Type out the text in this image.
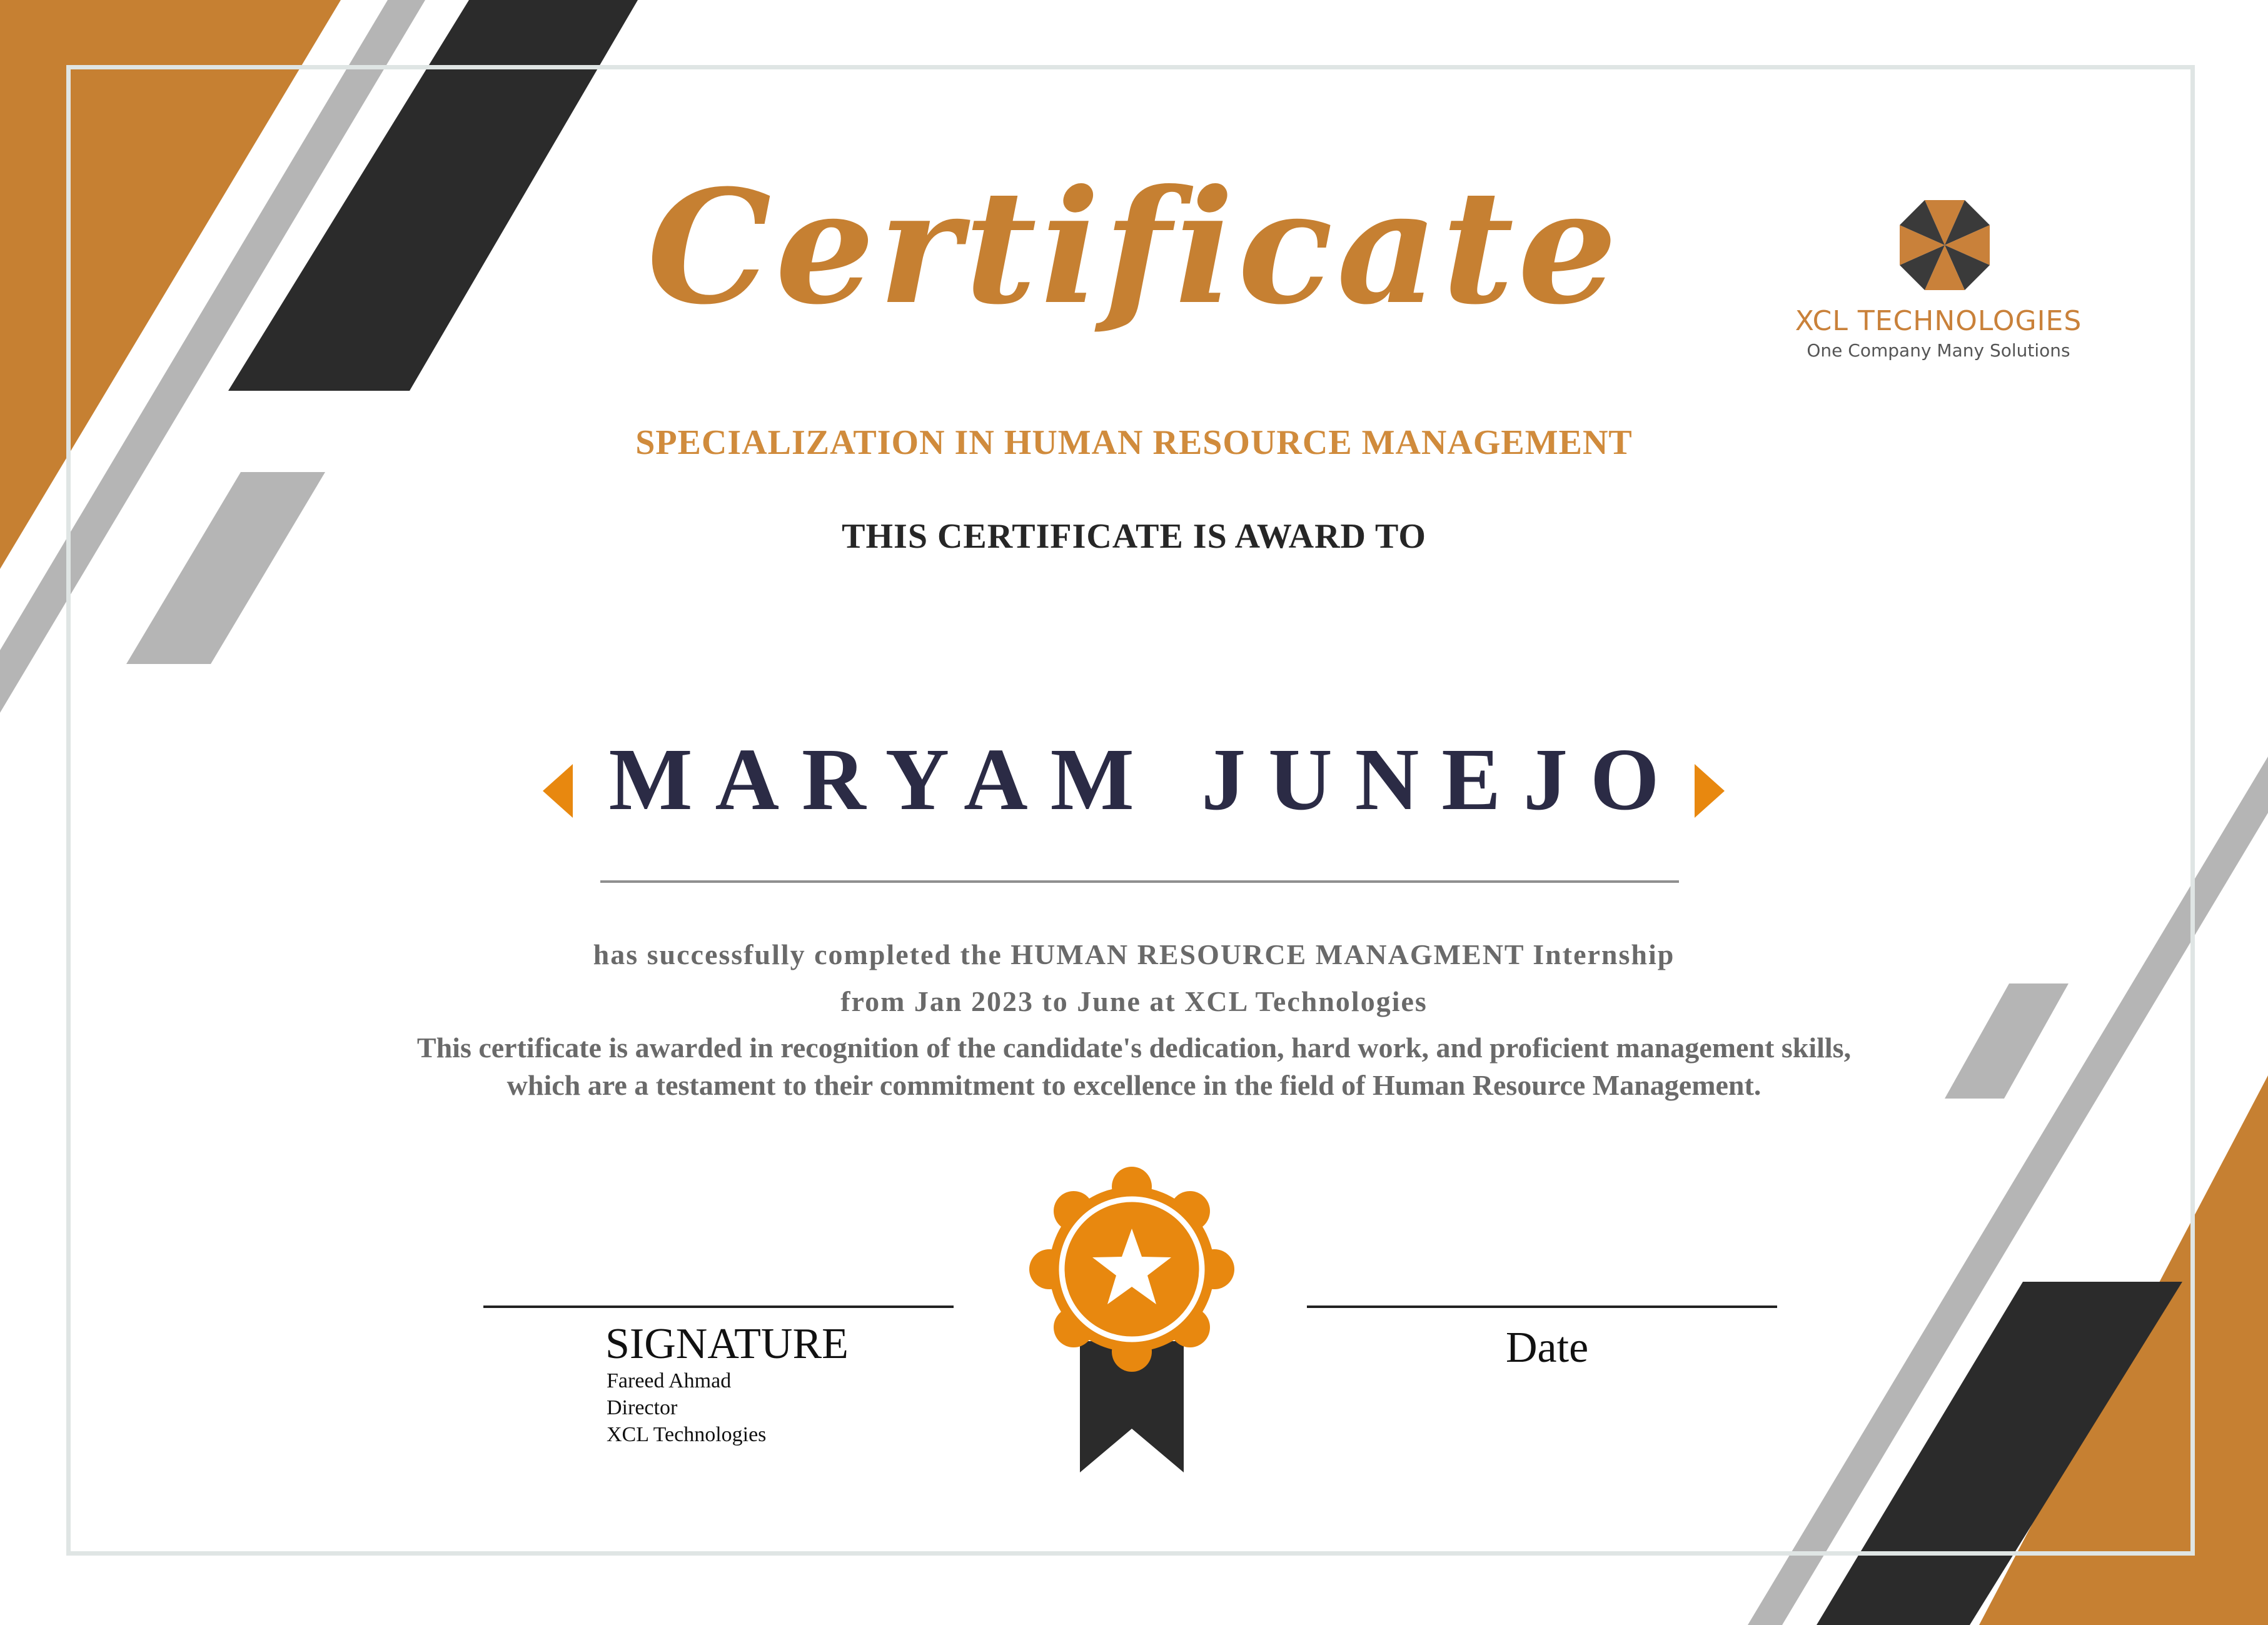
XCL TECHNOLOGIES
One Company Many Solutions
Certificate
SPECIALIZATION IN HUMAN RESOURCE MANAGEMENT
THIS CERTIFICATE IS AWARD TO
MARYAM JUNEJO
has successfully completed the HUMAN RESOURCE MANAGMENT Internship
from Jan 2023 to June at XCL Technologies
This certificate is awarded in recognition of the candidate's dedication, hard work, and proficient management skills, which are a testament to their commitment to excellence in the field of Human Resource Management.
SIGNATURE
Fareed Ahmad
Director
XCL Technologies
Date
